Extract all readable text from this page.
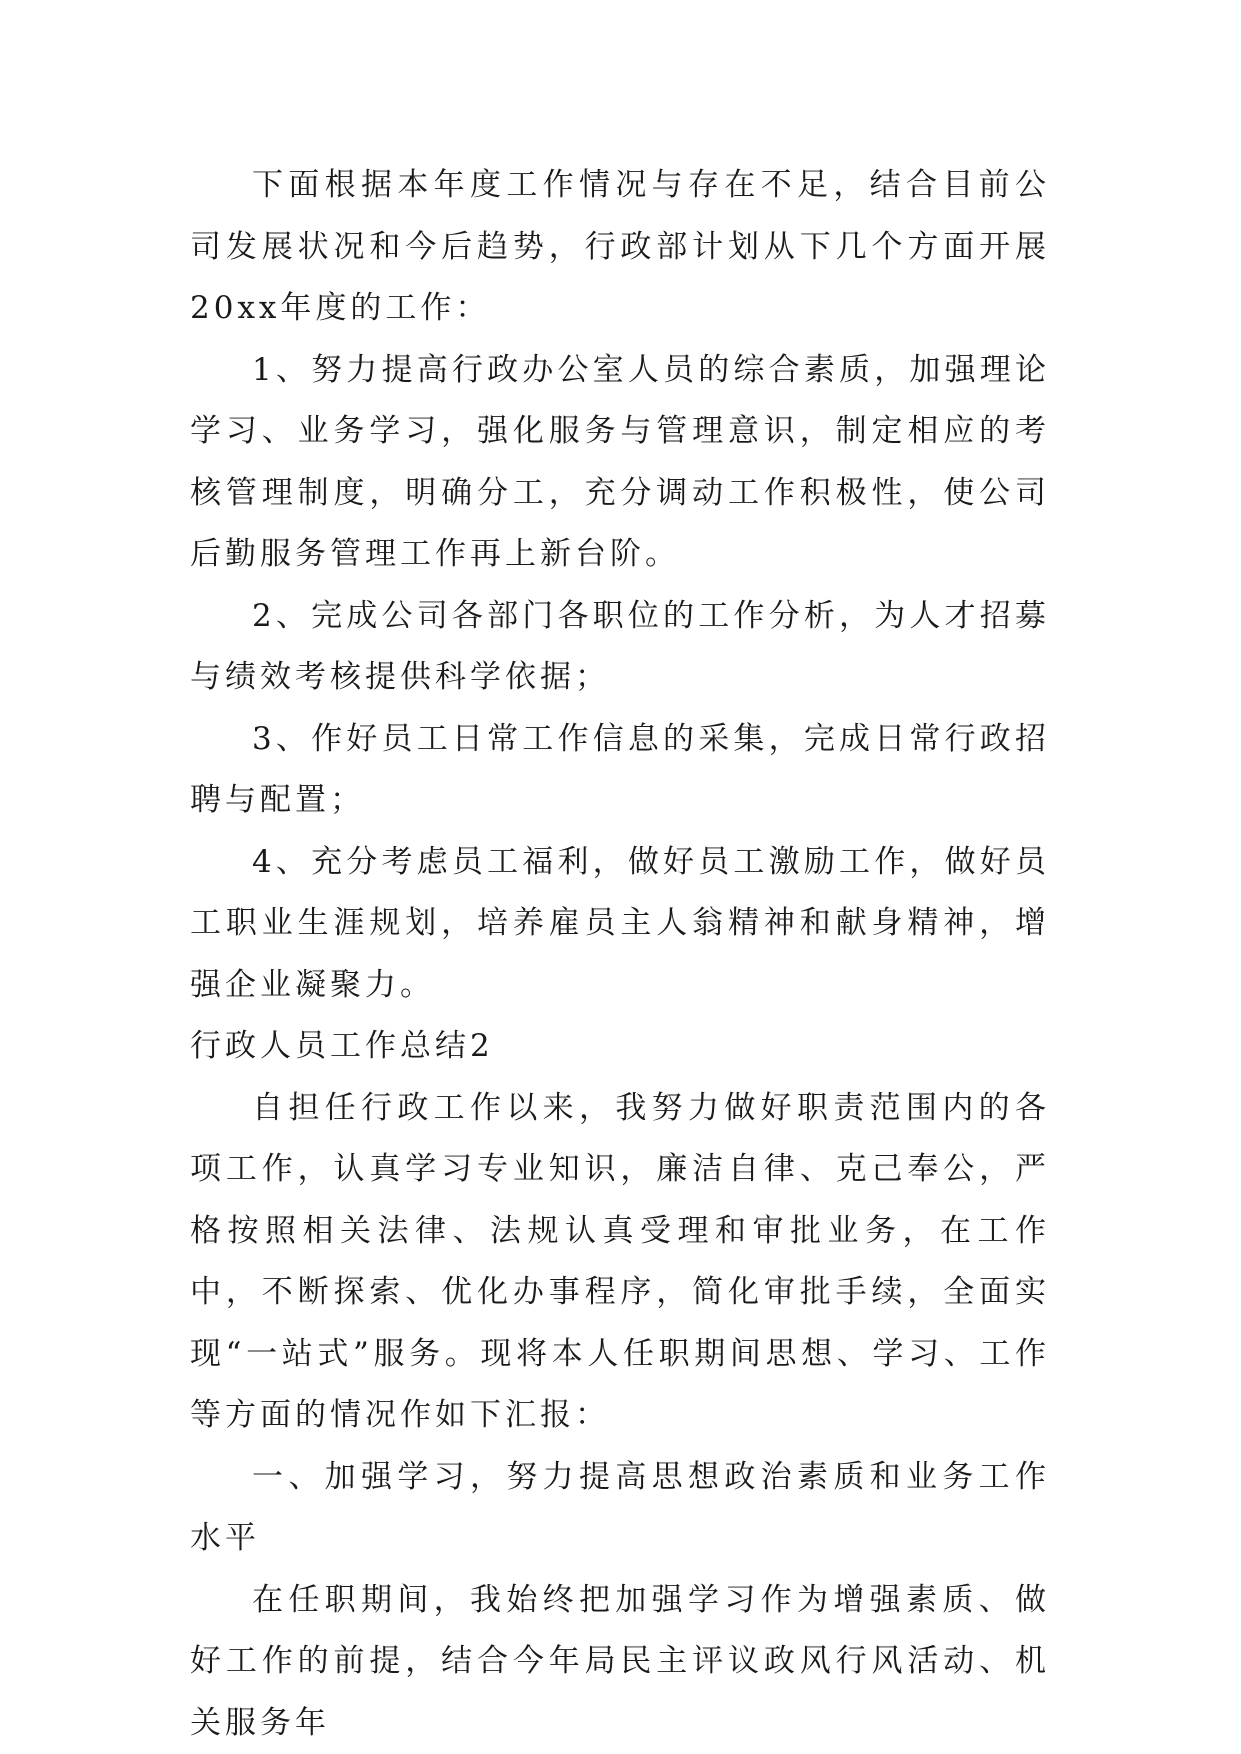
下面根据本年度工作情况与存在不足，结合目前公司发展状况和今后趋势，行政部计划从下几个方面开展20xx年度的工作：

1、努力提高行政办公室人员的综合素质，加强理论学习、业务学习，强化服务与管理意识，制定相应的考核管理制度，明确分工，充分调动工作积极性，使公司后勤服务管理工作再上新台阶。

2、完成公司各部门各职位的工作分析，为人才招募与绩效考核提供科学依据；

3、作好员工日常工作信息的采集，完成日常行政招聘与配置；

4、充分考虑员工福利，做好员工激励工作，做好员工职业生涯规划，培养雇员主人翁精神和献身精神，增强企业凝聚力。

行政人员工作总结2

自担任行政工作以来，我努力做好职责范围内的各项工作，认真学习专业知识，廉洁自律、克己奉公，严格按照相关法律、法规认真受理和审批业务，在工作中，不断探索、优化办事程序，简化审批手续，全面实现“一站式”服务。现将本人任职期间思想、学习、工作等方面的情况作如下汇报：

一、加强学习，努力提高思想政治素质和业务工作水平

在任职期间，我始终把加强学习作为增强素质、做好工作的前提，结合今年局民主评议政风行风活动、机关服务年
